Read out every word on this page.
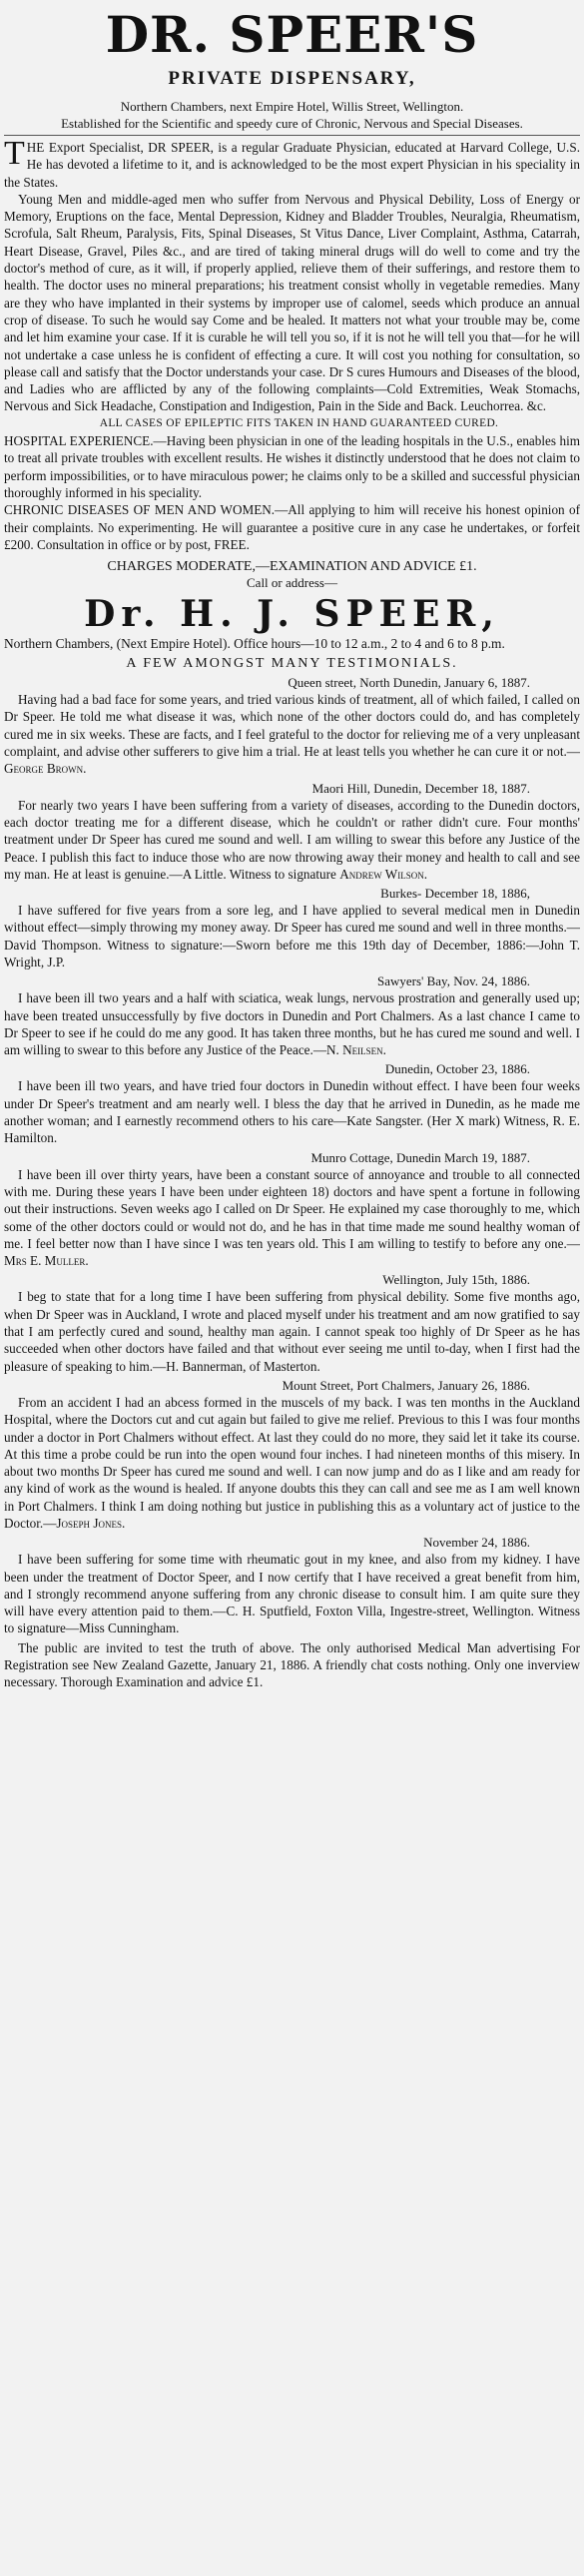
DR. SPEER'S
PRIVATE DISPENSARY,
Northern Chambers, next Empire Hotel, Willis Street, Wellington.
Established for the Scientific and speedy cure of Chronic, Nervous and Special Diseases.

THE Export Specialist, DR SPEER, is a regular Graduate Physician, educated at Harvard College, U.S. He has devoted a lifetime to it, and is acknowledged to be the most expert Physician in his speciality in the States.

Young Men and middle-aged men who suffer from Nervous and Physical Debility, Loss of Energy or Memory, Eruptions on the face, Mental Depression, Kidney and Bladder Troubles, Neuralgia, Rheumatism, Scrofula, Salt Rheum, Paralysis, Fits, Spinal Diseases, St Vitus Dance, Liver Complaint, Asthma, Catarrah, Heart Disease, Gravel, Piles &c., and are tired of taking mineral drugs will do well to come and try the doctor's method of cure, as it will, if properly applied, relieve them of their sufferings, and restore them to health. The doctor uses no mineral preparations; his treatment consist wholly in vegetable remedies. Many are they who have implanted in their systems by improper use of calomel, seeds which produce an annual crop of disease. To such he would say Come and be healed. It matters not what your trouble may be, come and let him examine your case. If it is curable he will tell you so, if it is not he will tell you that—for he will not undertake a case unless he is confident of effecting a cure. It will cost you nothing for consultation, so please call and satisfy that the Doctor understands your case. Dr S cures Humours and Diseases of the blood, and Ladies who are afflicted by any of the following complaints—Cold Extremities, Weak Stomachs, Nervous and Sick Headache, Constipation and Indigestion, Pain in the Side and Back. Leuchorrea. &c.

ALL CASES OF EPILEPTIC FITS TAKEN IN HAND GUARANTEED CURED.

HOSPITAL EXPERIENCE.—Having been physician in one of the leading hospitals in the U.S., enables him to treat all private troubles with excellent results. He wishes it distinctly understood that he does not claim to perform impossibilities, or to have miraculous power; he claims only to be a skilled and successful physician thoroughly informed in his speciality.

CHRONIC DISEASES OF MEN AND WOMEN.—All applying to him will receive his honest opinion of their complaints. No experimenting. He will guarantee a positive cure in any case he undertakes, or forfeit £200. Consultation in office or by post, FREE.

CHARGES MODERATE,—EXAMINATION AND ADVICE £1.
Call or address—
Dr. H. J. SPEER,
Northern Chambers, (Next Empire Hotel). Office hours—10 to 12 a.m., 2 to 4 and 6 to 8 p.m.
A FEW AMONGST MANY TESTIMONIALS.
Queen street, North Dunedin, January 6, 1887.

Having had a bad face for some years, and tried various kinds of treatment, all of which failed, I called on Dr Speer. He told me what disease it was, which none of the other doctors could do, and has completely cured me in six weeks. These are facts, and I feel grateful to the doctor for relieving me of a very unpleasant complaint, and advise other sufferers to give him a trial. He at least tells you whether he can cure it or not.—George Brown.

Maori Hill, Dunedin, December 18, 1887.

For nearly two years I have been suffering from a variety of diseases, according to the Dunedin doctors, each doctor treating me for a different disease, which he couldn't or rather didn't cure. Four months' treatment under Dr Speer has cured me sound and well. I am willing to swear this before any Justice of the Peace. I publish this fact to induce those who are now throwing away their money and health to call and see my man. He at least is genuine.—A Little. Witness to signature Andrew Wilson.

Burkes- December 18, 1886,

I have suffered for five years from a sore leg, and I have applied to several medical men in Dunedin without effect—simply throwing my money away. Dr Speer has cured me sound and well in three months.—David Thompson. Witness to signature:—Sworn before me this 19th day of December, 1886:—John T. Wright, J.P.

Sawyers' Bay, Nov. 24, 1886.

I have been ill two years and a half with sciatica, weak lungs, nervous prostration and generally used up; have been treated unsuccessfully by five doctors in Dunedin and Port Chalmers. As a last chance I came to Dr Speer to see if he could do me any good. It has taken three months, but he has cured me sound and well. I am willing to swear to this before any Justice of the Peace.—N. Neilsen.

Dunedin, October 23, 1886.

I have been ill two years, and have tried four doctors in Dunedin without effect. I have been four weeks under Dr Speer's treatment and am nearly well. I bless the day that he arrived in Dunedin, as he made me another woman; and I earnestly recommend others to his care—Kate Sangster. (Her X mark) Witness, R. E. Hamilton.

Munro Cottage, Dunedin March 19, 1887.

I have been ill over thirty years, have been a constant source of annoyance and trouble to all connected with me. During these years I have been under eighteen 18) doctors and have spent a fortune in following out their instructions. Seven weeks ago I called on Dr Speer. He explained my case thoroughly to me, which some of the other doctors could or would not do, and he has in that time made me sound healthy woman of me. I feel better now than I have since I was ten years old. This I am willing to testify to before any one.—Mrs E. Muller.

Wellington, July 15th, 1886.

I beg to state that for a long time I have been suffering from physical debility. Some five months ago, when Dr Speer was in Auckland, I wrote and placed myself under his treatment and am now gratified to say that I am perfectly cured and sound, healthy man again. I cannot speak too highly of Dr Speer as he has succeeded when other doctors have failed and that without ever seeing me until to-day, when I first had the pleasure of speaking to him.—H. Bannerman, of Masterton.

Mount Street, Port Chalmers, January 26, 1886.

From an accident I had an abcess formed in the muscels of my back. I was ten months in the Auckland Hospital, where the Doctors cut and cut again but failed to give me relief. Previous to this I was four months under a doctor in Port Chalmers without effect. At last they could do no more, they said let it take its course. At this time a probe could be run into the open wound four inches. I had nineteen months of this misery. In about two months Dr Speer has cured me sound and well. I can now jump and do as I like and am ready for any kind of work as the wound is healed. If anyone doubts this they can call and see me as I am well known in Port Chalmers. I think I am doing nothing but justice in publishing this as a voluntary act of justice to the Doctor.—Joseph Jones.

November 24, 1886.

I have been suffering for some time with rheumatic gout in my knee, and also from my kidney. I have been under the treatment of Doctor Speer, and I now certify that I have received a great benefit from him, and I strongly recommend anyone suffering from any chronic disease to consult him. I am quite sure they will have every attention paid to them.—C. H. Sputfield, Foxton Villa, Ingestre-street, Wellington. Witness to signature—Miss Cunningham.

The public are invited to test the truth of above. The only authorised Medical Man advertising For Registration see New Zealand Gazette, January 21, 1886. A friendly chat costs nothing. Only one inverview necessary. Thorough Examination and advice £1.
